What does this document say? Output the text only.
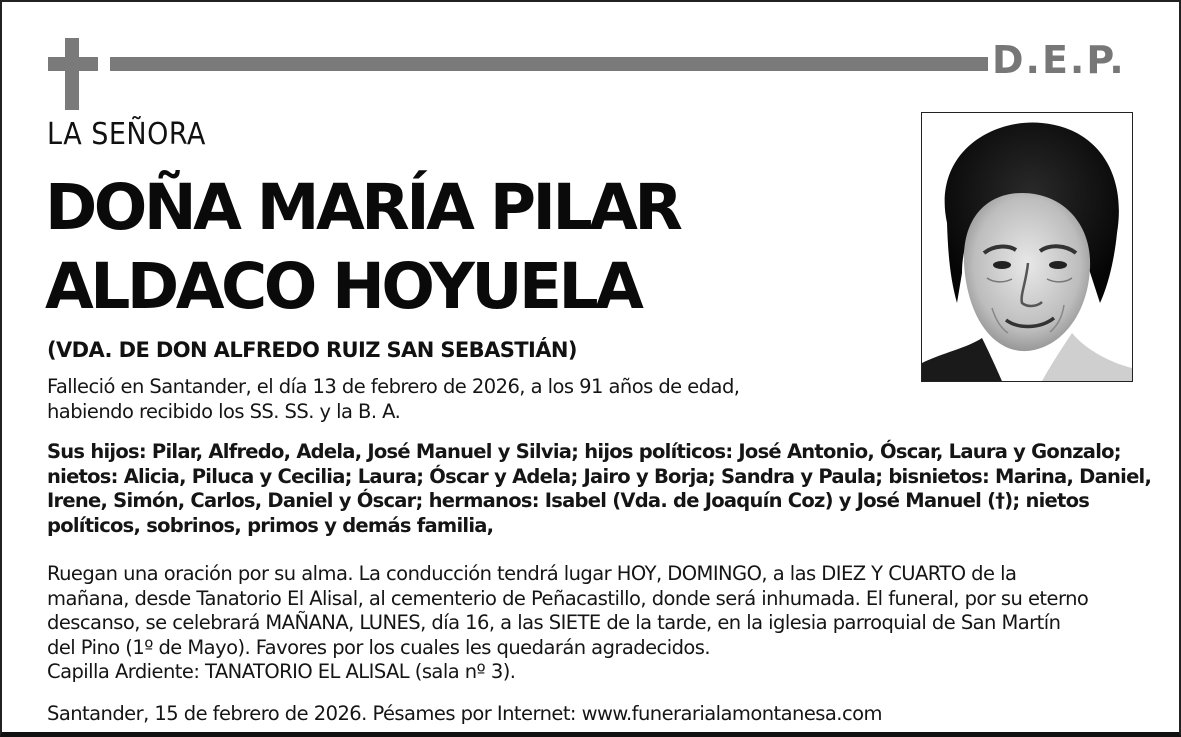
D.E.P.
LA SEÑORA
DOÑA MARÍA PILAR
ALDACO HOYUELA
(VDA. DE DON ALFREDO RUIZ SAN SEBASTIÁN)

Falleció en Santander, el día 13 de febrero de 2026, a los 91 años de edad,

habiendo recibido los SS. SS. y la B. A.

Sus hijos: Pilar, Alfredo, Adela, José Manuel y Silvia; hijos políticos: José Antonio, Óscar, Laura y Gonzalo;

nietos: Alicia, Piluca y Cecilia; Laura; Óscar y Adela; Jairo y Borja; Sandra y Paula; bisnietos: Marina, Daniel,

Irene, Simón, Carlos, Daniel y Óscar; hermanos: Isabel (Vda. de Joaquín Coz) y José Manuel (†); nietos

políticos, sobrinos, primos y demás familia,

Ruegan una oración por su alma. La conducción tendrá lugar HOY, DOMINGO, a las DIEZ Y CUARTO de la

mañana, desde Tanatorio El Alisal, al cementerio de Peñacastillo, donde será inhumada. El funeral, por su eterno

descanso, se celebrará MAÑANA, LUNES, día 16, a las SIETE de la tarde, en la iglesia parroquial de San Martín

del Pino (1º de Mayo). Favores por los cuales les quedarán agradecidos.

Capilla Ardiente: TANATORIO EL ALISAL (sala nº 3).

Santander, 15 de febrero de 2026. Pésames por Internet: www.funerarialamontanesa.com
